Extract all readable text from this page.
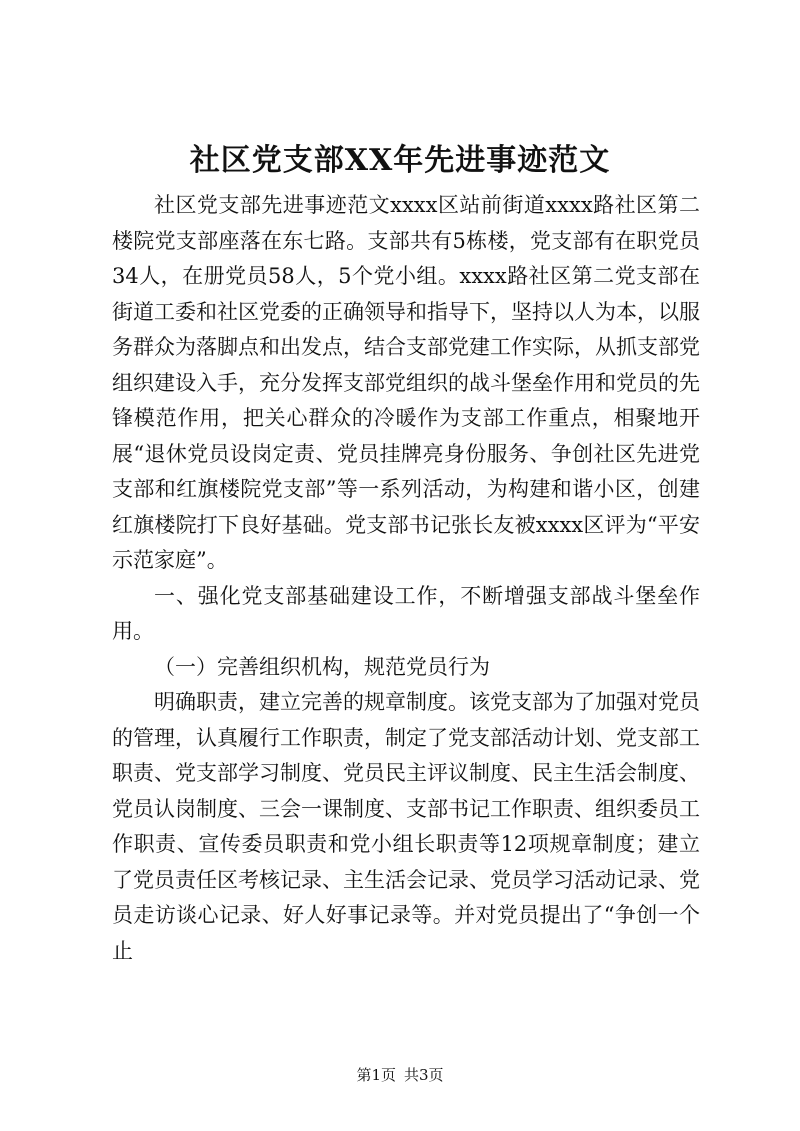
社区党支部XX年先进事迹范文

社区党支部先进事迹范文xxxx区站前街道xxxx路社区第二楼院党支部座落在东七路。支部共有5栋楼，党支部有在职党员34人，在册党员58人，5个党小组。xxxx路社区第二党支部在街道工委和社区党委的正确领导和指导下，坚持以人为本，以服务群众为落脚点和出发点，结合支部党建工作实际，从抓支部党组织建设入手，充分发挥支部党组织的战斗堡垒作用和党员的先锋模范作用，把关心群众的冷暖作为支部工作重点，相聚地开展“退休党员设岗定责、党员挂牌亮身份服务、争创社区先进党支部和红旗楼院党支部”等一系列活动，为构建和谐小区，创建红旗楼院打下良好基础。党支部书记张长友被xxxx区评为“平安示范家庭”。

一、强化党支部基础建设工作，不断增强支部战斗堡垒作用。

（一）完善组织机构，规范党员行为

明确职责，建立完善的规章制度。该党支部为了加强对党员的管理，认真履行工作职责，制定了党支部活动计划、党支部工职责、党支部学习制度、党员民主评议制度、民主生活会制度、党员认岗制度、三会一课制度、支部书记工作职责、组织委员工作职责、宣传委员职责和党小组长职责等12项规章制度；建立了党员责任区考核记录、主生活会记录、党员学习活动记录、党员走访谈心记录、好人好事记录等。并对党员提出了“争创一个止

第1页 共3页
